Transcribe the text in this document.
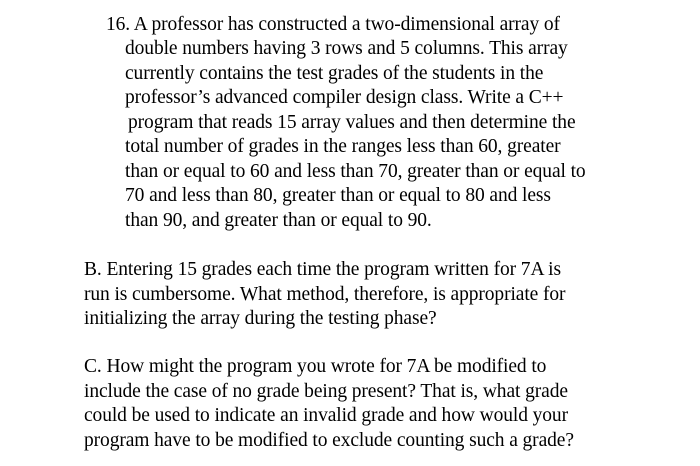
16. A professor has constructed a two-dimensional array of
double numbers having 3 rows and 5 columns. This array
currently contains the test grades of the students in the
professor’s advanced compiler design class. Write a C++
program that reads 15 array values and then determine the
total number of grades in the ranges less than 60, greater
than or equal to 60 and less than 70, greater than or equal to
70 and less than 80, greater than or equal to 80 and less
than 90, and greater than or equal to 90.
B. Entering 15 grades each time the program written for 7A is
run is cumbersome. What method, therefore, is appropriate for
initializing the array during the testing phase?
C. How might the program you wrote for 7A be modified to
include the case of no grade being present? That is, what grade
could be used to indicate an invalid grade and how would your
program have to be modified to exclude counting such a grade?
